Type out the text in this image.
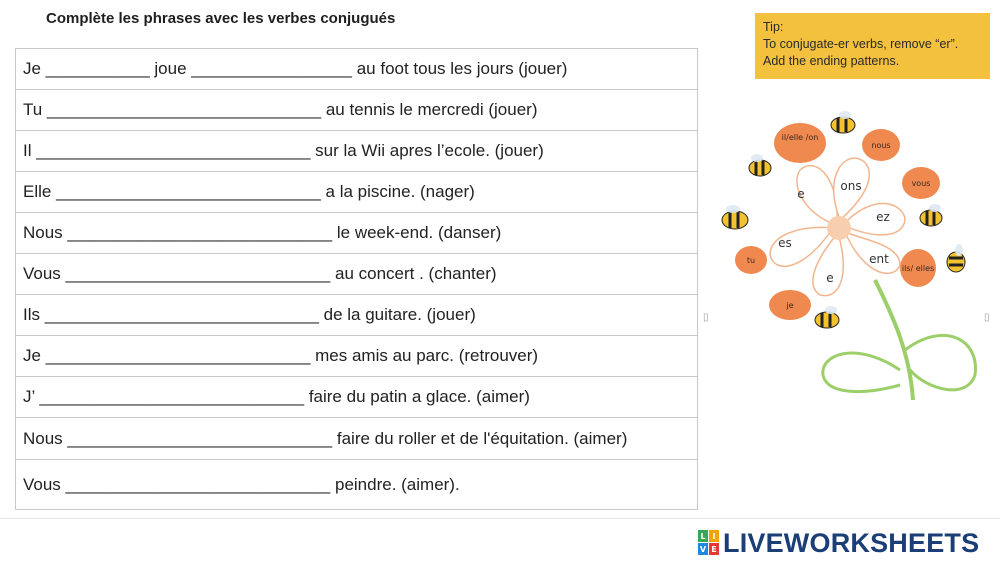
Complète les phrases avec les verbes conjugués
Je ___________ joue _________________ au foot tous les jours (jouer)
Tu _____________________________ au tennis le mercredi (jouer)
Il _____________________________ sur la Wii apres l’ecole. (jouer)
Elle ____________________________ a la piscine. (nager)
Nous ____________________________ le week-end. (danser)
Vous ____________________________ au concert . (chanter)
Ils _____________________________ de la guitare. (jouer)
Je ____________________________ mes amis au parc. (retrouver)
J’ ____________________________ faire du patin a glace. (aimer)
Nous ____________________________ faire du roller et de l'équitation. (aimer)
Vous ____________________________ peindre. (aimer).
Tip:
To conjugate-er verbs, remove “er”.
Add the ending patterns.
▯	▯
e
ons
ez
es
e
ent
il/elle /on
nous
vous
tu
ils/ elles
je
L I
V E LIVEWORKSHEETS
